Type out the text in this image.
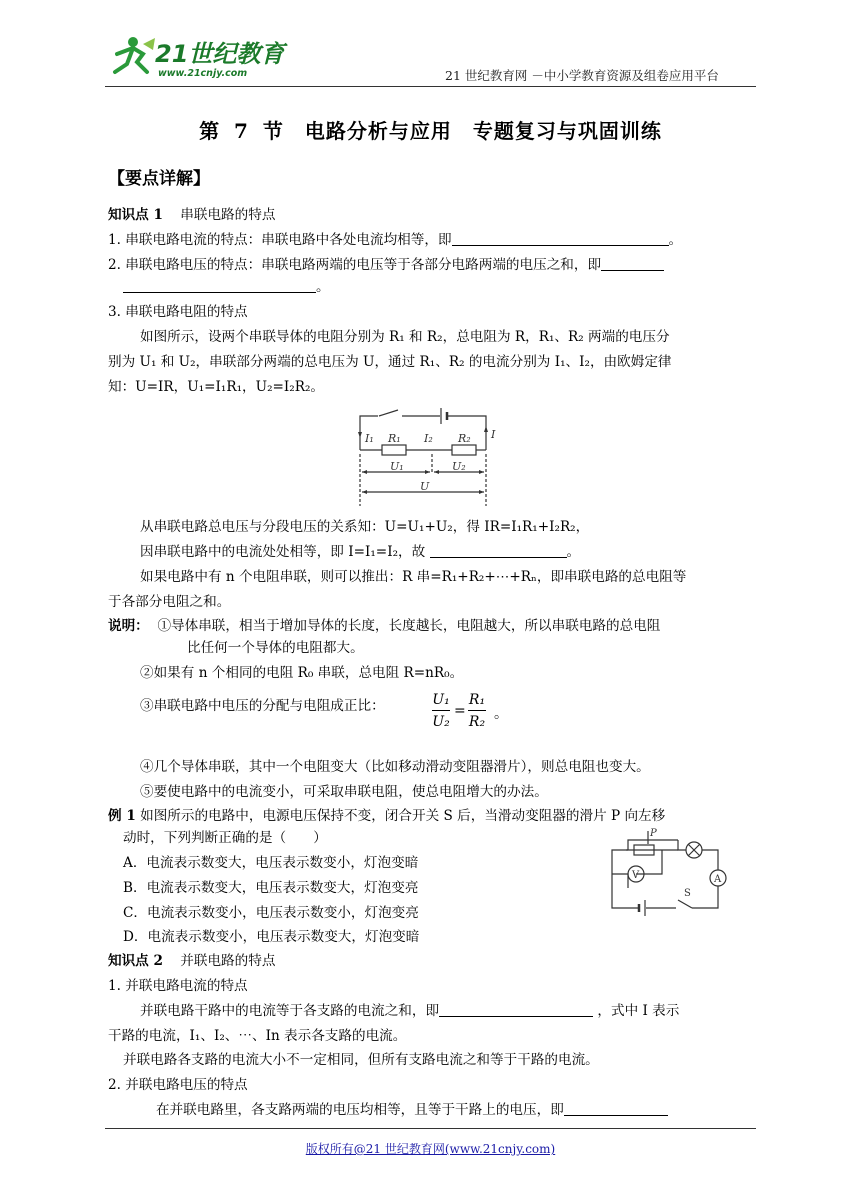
21世纪教育
www.21cnjy.com	21 世纪教育网 －中小学教育资源及组卷应用平台
第 7 节　电路分析与应用　专题复习与巩固训练
【要点详解】
知识点 1 串联电路的特点
1. 串联电路电流的特点：串联电路中各处电流均相等，即	。
2. 串联电路电压的特点：串联电路两端的电压等于各部分电路两端的电压之和，即
。
3. 串联电路电阻的特点
如图所示，设两个串联导体的电阻分别为 R₁ 和 R₂，总电阻为 R，R₁、R₂ 两端的电压分
别为 U₁ 和 U₂，串联部分两端的总电压为 U，通过 R₁、R₂ 的电流分别为 I₁、I₂，由欧姆定律
知：U=IR，U₁=I₁R₁，U₂=I₂R₂。
I₁ R₁ I₂ R₂ I
U₁	U₂
U
从串联电路总电压与分段电压的关系知：U=U₁+U₂，得 IR=I₁R₁+I₂R₂，
因串联电路中的电流处处相等，即 I=I₁=I₂，故	。
如果电路中有 n 个电阻串联，则可以推出：R 串=R₁+R₂+⋯+Rₙ，即串联电路的总电阻等
于各部分电阻之和。
说明： ①导体串联，相当于增加导体的长度，长度越长，电阻越大，所以串联电路的总电阻
比任何一个导体的电阻都大。
②如果有 n 个相同的电阻 R₀ 串联，总电阻 R=nR₀。
③串联电路中电压的分配与电阻成正比：	U₁
U₂
=
R₁
R₂ 。
④几个导体串联，其中一个电阻变大（比如移动滑动变阻器滑片），则总电阻也变大。
⑤要使电路中的电流变小，可采取串联电阻，使总电阻增大的办法。
例 1 如图所示的电路中，电源电压保持不变，闭合开关 S 后，当滑动变阻器的滑片 P 向左移
动时，下列判断正确的是（　　）
A．电流表示数变大，电压表示数变小，灯泡变暗
B．电流表示数变大，电压表示数变大，灯泡变亮
C．电流表示数变小，电压表示数变小，灯泡变亮
D．电流表示数变小，电压表示数变大，灯泡变暗
P
V	A
S
知识点 2 并联电路的特点
1. 并联电路电流的特点
并联电路干路中的电流等于各支路的电流之和，即	，式中 I 表示
干路的电流，I₁、I₂、⋯、In 表示各支路的电流。
并联电路各支路的电流大小不一定相同，但所有支路电流之和等于干路的电流。
2. 并联电路电压的特点
在并联电路里，各支路两端的电压均相等，且等于干路上的电压，即
版权所有@21 世纪教育网(www.21cnjy.com)
